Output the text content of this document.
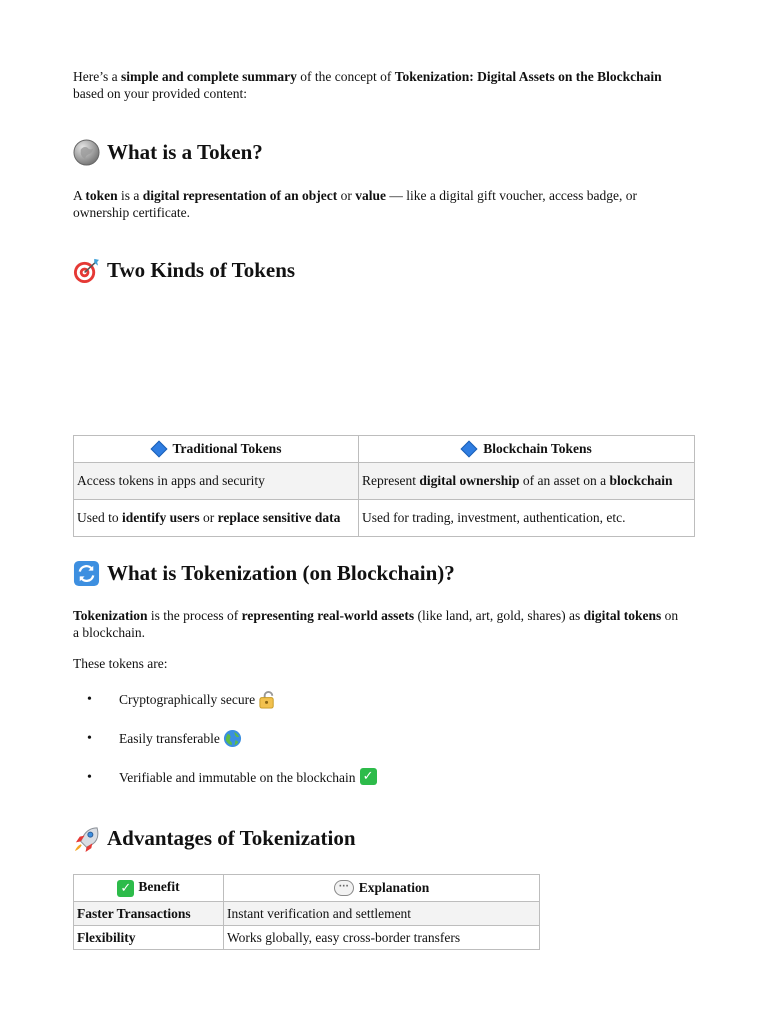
Here’s a simple and complete summary of the concept of Tokenization: Digital Assets on the Blockchain based on your provided content:

What is a Token?

A token is a digital representation of an object or value — like a digital gift voucher, access badge, or ownership certificate.

Two Kinds of Tokens
Traditional Tokens	Blockchain Tokens
Access tokens in apps and security	Represent digital ownership of an asset on a blockchain
Used to identify users or replace sensitive data	Used for trading, investment, authentication, etc.
What is Tokenization (on Blockchain)?

Tokenization is the process of representing real-world assets (like land, art, gold, shares) as digital tokens on a blockchain.

These tokens are:

• Cryptographically secure
• Easily transferable
• Verifiable and immutable on the blockchain ✓
Advantages of Tokenization
✓ Benefit	··· Explanation
Faster Transactions	Instant verification and settlement
Flexibility	Works globally, easy cross-border transfers
